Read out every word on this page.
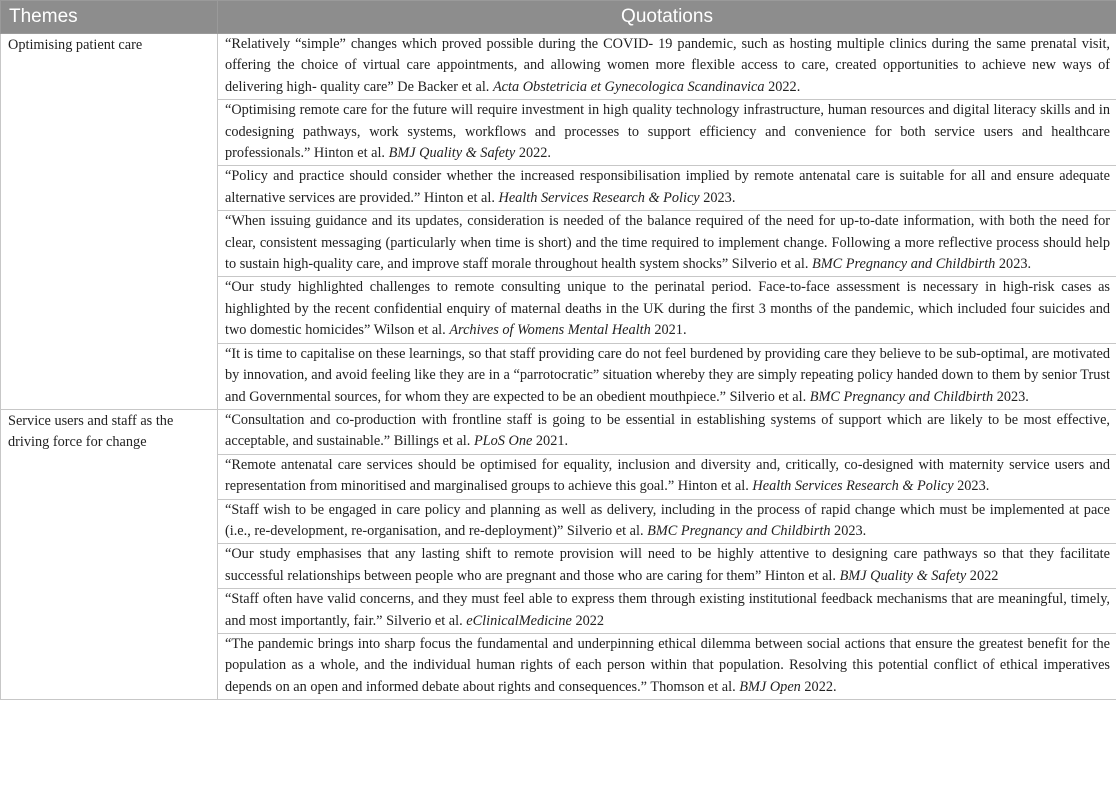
Themes	Quotations
Optimising patient care	“Relatively “simple” changes which proved possible during the COVID- 19 pandemic, such as hosting multiple clinics during the same prenatal visit, offering the choice of virtual care appointments, and allowing women more flexible access to care, created opportunities to achieve new ways of delivering high- quality care” De Backer et al. Acta Obstetricia et Gynecologica Scandinavica 2022.
	“Optimising remote care for the future will require investment in high quality technology infrastructure, human resources and digital literacy skills and in codesigning pathways, work systems, workflows and processes to support efficiency and convenience for both service users and healthcare professionals.” Hinton et al. BMJ Quality & Safety 2022.
	“Policy and practice should consider whether the increased responsibilisation implied by remote antenatal care is suitable for all and ensure adequate alternative services are provided.” Hinton et al. Health Services Research & Policy 2023.
	“When issuing guidance and its updates, consideration is needed of the balance required of the need for up-to-date information, with both the need for clear, consistent messaging (particularly when time is short) and the time required to implement change. Following a more reflective process should help to sustain high-quality care, and improve staff morale throughout health system shocks” Silverio et al. BMC Pregnancy and Childbirth 2023.
	“Our study highlighted challenges to remote consulting unique to the perinatal period. Face-to-face assessment is necessary in high-risk cases as highlighted by the recent confidential enquiry of maternal deaths in the UK during the first 3 months of the pandemic, which included four suicides and two domestic homicides” Wilson et al. Archives of Womens Mental Health 2021.
	“It is time to capitalise on these learnings, so that staff providing care do not feel burdened by providing care they believe to be sub-optimal, are motivated by innovation, and avoid feeling like they are in a “parrotocratic” situation whereby they are simply repeating policy handed down to them by senior Trust and Governmental sources, for whom they are expected to be an obedient mouthpiece.” Silverio et al. BMC Pregnancy and Childbirth 2023.
Service users and staff as the driving force for change	“Consultation and co-production with frontline staff is going to be essential in establishing systems of support which are likely to be most effective, acceptable, and sustainable.” Billings et al. PLoS One 2021.
	“Remote antenatal care services should be optimised for equality, inclusion and diversity and, critically, co-designed with maternity service users and representation from minoritised and marginalised groups to achieve this goal.” Hinton et al. Health Services Research & Policy 2023.
	“Staff wish to be engaged in care policy and planning as well as delivery, including in the process of rapid change which must be implemented at pace (i.e., re-development, re-organisation, and re-deployment)” Silverio et al. BMC Pregnancy and Childbirth 2023.
	“Our study emphasises that any lasting shift to remote provision will need to be highly attentive to designing care pathways so that they facilitate successful relationships between people who are pregnant and those who are caring for them” Hinton et al. BMJ Quality & Safety 2022
	“Staff often have valid concerns, and they must feel able to express them through existing institutional feedback mechanisms that are meaningful, timely, and most importantly, fair.” Silverio et al. eClinicalMedicine 2022
	“The pandemic brings into sharp focus the fundamental and underpinning ethical dilemma between social actions that ensure the greatest benefit for the population as a whole, and the individual human rights of each person within that population. Resolving this potential conflict of ethical imperatives depends on an open and informed debate about rights and consequences.” Thomson et al. BMJ Open 2022.
